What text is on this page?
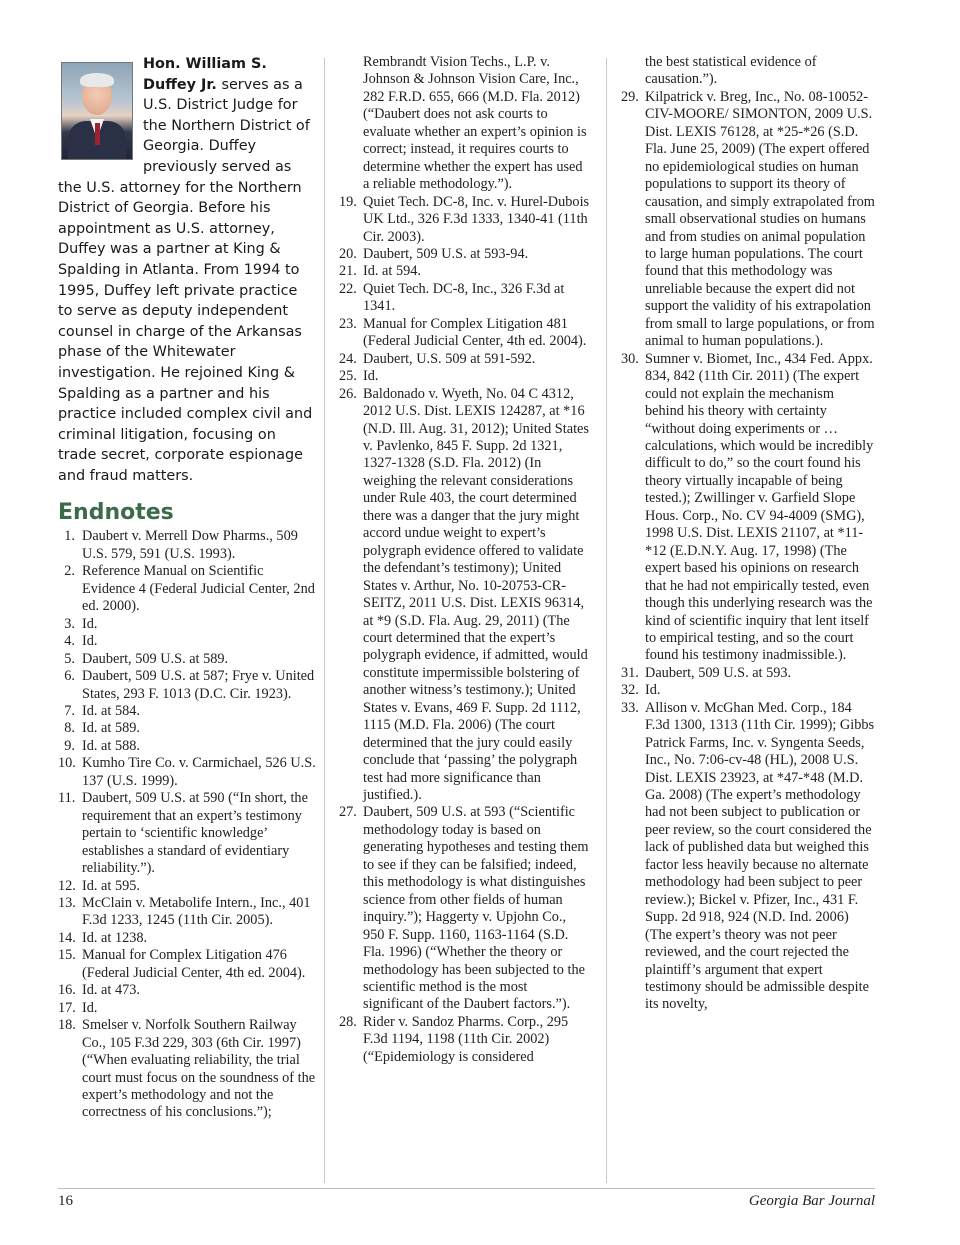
Hon. William S. Duffey Jr. serves as a U.S. District Judge for the Northern District of Georgia. Duffey previously served as the U.S. attorney for the Northern District of Georgia. Before his appointment as U.S. attorney, Duffey was a partner at King & Spalding in Atlanta. From 1994 to 1995, Duffey left private practice to serve as deputy independent counsel in charge of the Arkansas phase of the Whitewater investigation. He rejoined King & Spalding as a partner and his practice included complex civil and criminal litigation, focusing on trade secret, corporate espionage and fraud matters.
Endnotes
1. Daubert v. Merrell Dow Pharms., 509 U.S. 579, 591 (U.S. 1993).
2. Reference Manual on Scientific Evidence 4 (Federal Judicial Center, 2nd ed. 2000).
3. Id.
4. Id.
5. Daubert, 509 U.S. at 589.
6. Daubert, 509 U.S. at 587; Frye v. United States, 293 F. 1013 (D.C. Cir. 1923).
7. Id. at 584.
8. Id. at 589.
9. Id. at 588.
10. Kumho Tire Co. v. Carmichael, 526 U.S. 137 (U.S. 1999).
11. Daubert, 509 U.S. at 590 (“In short, the requirement that an expert’s testimony pertain to ‘scientific knowledge’ establishes a standard of evidentiary reliability.”).
12. Id. at 595.
13. McClain v. Metabolife Intern., Inc., 401 F.3d 1233, 1245 (11th Cir. 2005).
14. Id. at 1238.
15. Manual for Complex Litigation 476 (Federal Judicial Center, 4th ed. 2004).
16. Id. at 473.
17. Id.
18. Smelser v. Norfolk Southern Railway Co., 105 F.3d 229, 303 (6th Cir. 1997) (“When evaluating reliability, the trial court must focus on the soundness of the expert’s methodology and not the correctness of his conclusions.”);
Rembrandt Vision Techs., L.P. v. Johnson & Johnson Vision Care, Inc., 282 F.R.D. 655, 666 (M.D. Fla. 2012) (“Daubert does not ask courts to evaluate whether an expert’s opinion is correct; instead, it requires courts to determine whether the expert has used a reliable methodology.”).
19. Quiet Tech. DC-8, Inc. v. Hurel-Dubois UK Ltd., 326 F.3d 1333, 1340-41 (11th Cir. 2003).
20. Daubert, 509 U.S. at 593-94.
21. Id. at 594.
22. Quiet Tech. DC-8, Inc., 326 F.3d at 1341.
23. Manual for Complex Litigation 481 (Federal Judicial Center, 4th ed. 2004).
24. Daubert, U.S. 509 at 591-592.
25. Id.
26. Baldonado v. Wyeth, No. 04 C 4312, 2012 U.S. Dist. LEXIS 124287, at *16 (N.D. Ill. Aug. 31, 2012); United States v. Pavlenko, 845 F. Supp. 2d 1321, 1327-1328 (S.D. Fla. 2012) (In weighing the relevant considerations under Rule 403, the court determined there was a danger that the jury might accord undue weight to expert’s polygraph evidence offered to validate the defendant’s testimony); United States v. Arthur, No. 10-20753-CR-SEITZ, 2011 U.S. Dist. LEXIS 96314, at *9 (S.D. Fla. Aug. 29, 2011) (The court determined that the expert’s polygraph evidence, if admitted, would constitute impermissible bolstering of another witness’s testimony.); United States v. Evans, 469 F. Supp. 2d 1112, 1115 (M.D. Fla. 2006) (The court determined that the jury could easily conclude that ‘passing’ the polygraph test had more significance than justified.).
27. Daubert, 509 U.S. at 593 (“Scientific methodology today is based on generating hypotheses and testing them to see if they can be falsified; indeed, this methodology is what distinguishes science from other fields of human inquiry.”); Haggerty v. Upjohn Co., 950 F. Supp. 1160, 1163-1164 (S.D. Fla. 1996) (“Whether the theory or methodology has been subjected to the scientific method is the most significant of the Daubert factors.”).
28. Rider v. Sandoz Pharms. Corp., 295 F.3d 1194, 1198 (11th Cir. 2002) (“Epidemiology is considered
the best statistical evidence of causation.”).
29. Kilpatrick v. Breg, Inc., No. 08-10052-CIV-MOORE/ SIMONTON, 2009 U.S. Dist. LEXIS 76128, at *25-*26 (S.D. Fla. June 25, 2009) (The expert offered no epidemiological studies on human populations to support its theory of causation, and simply extrapolated from small observational studies on humans and from studies on animal population to large human populations. The court found that this methodology was unreliable because the expert did not support the validity of his extrapolation from small to large populations, or from animal to human populations.).
30. Sumner v. Biomet, Inc., 434 Fed. Appx. 834, 842 (11th Cir. 2011) (The expert could not explain the mechanism behind his theory with certainty “without doing experiments or … calculations, which would be incredibly difficult to do,” so the court found his theory virtually incapable of being tested.); Zwillinger v. Garfield Slope Hous. Corp., No. CV 94-4009 (SMG), 1998 U.S. Dist. LEXIS 21107, at *11-*12 (E.D.N.Y. Aug. 17, 1998) (The expert based his opinions on research that he had not empirically tested, even though this underlying research was the kind of scientific inquiry that lent itself to empirical testing, and so the court found his testimony inadmissible.).
31. Daubert, 509 U.S. at 593.
32. Id.
33. Allison v. McGhan Med. Corp., 184 F.3d 1300, 1313 (11th Cir. 1999); Gibbs Patrick Farms, Inc. v. Syngenta Seeds, Inc., No. 7:06-cv-48 (HL), 2008 U.S. Dist. LEXIS 23923, at *47-*48 (M.D. Ga. 2008) (The expert’s methodology had not been subject to publication or peer review, so the court considered the lack of published data but weighed this factor less heavily because no alternate methodology had been subject to peer review.); Bickel v. Pfizer, Inc., 431 F. Supp. 2d 918, 924 (N.D. Ind. 2006) (The expert’s theory was not peer reviewed, and the court rejected the plaintiff’s argument that expert testimony should be admissible despite its novelty,
16	Georgia Bar Journal
